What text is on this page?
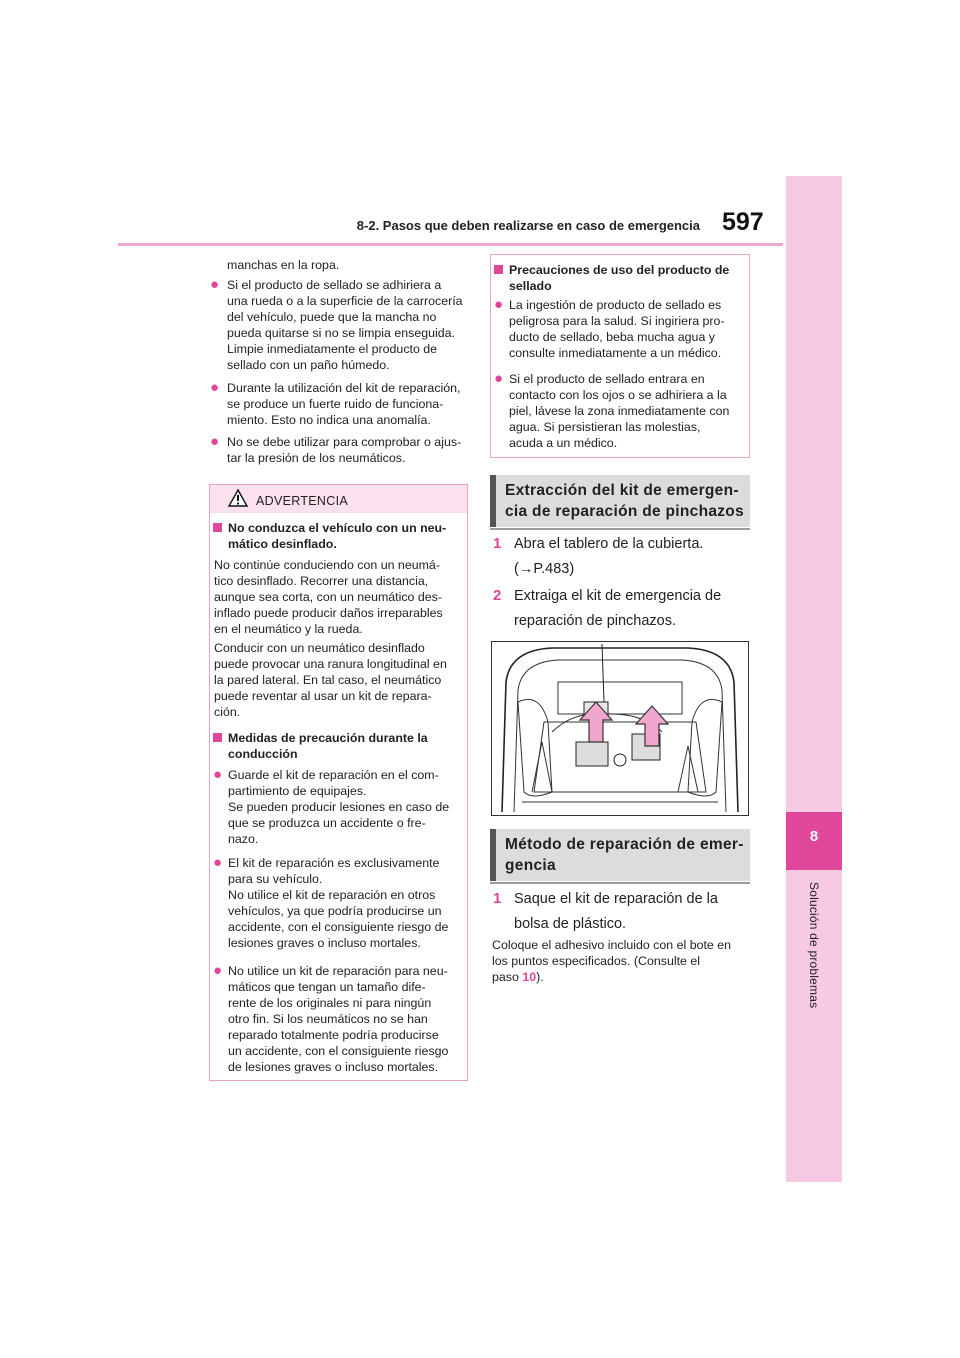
8-2. Pasos que deben realizarse en caso de emergencia 597
8
Solución de problemas
manchas en la ropa.
● Si el producto de sellado se adhiriera a
una rueda o a la superficie de la carrocería
del vehículo, puede que la mancha no
pueda quitarse si no se limpia enseguida.
Limpie inmediatamente el producto de
sellado con un paño húmedo.
● Durante la utilización del kit de reparación,
se produce un fuerte ruido de funciona-
miento. Esto no indica una anomalía.
● No se debe utilizar para comprobar o ajus-
tar la presión de los neumáticos.
ADVERTENCIA
No conduzca el vehículo con un neu-
mático desinflado.
No continúe conduciendo con un neumá-
tico desinflado. Recorrer una distancia,
aunque sea corta, con un neumático des-
inflado puede producir daños irreparables
en el neumático y la rueda.
Conducir con un neumático desinflado
puede provocar una ranura longitudinal en
la pared lateral. En tal caso, el neumático
puede reventar al usar un kit de repara-
ción.
Medidas de precaución durante la
conducción
● Guarde el kit de reparación en el com-
partimiento de equipajes.
Se pueden producir lesiones en caso de
que se produzca un accidente o fre-
nazo.
● El kit de reparación es exclusivamente
para su vehículo.
No utilice el kit de reparación en otros
vehículos, ya que podría producirse un
accidente, con el consiguiente riesgo de
lesiones graves o incluso mortales.
● No utilice un kit de reparación para neu-
máticos que tengan un tamaño dife-
rente de los originales ni para ningún
otro fin. Si los neumáticos no se han
reparado totalmente podría producirse
un accidente, con el consiguiente riesgo
de lesiones graves o incluso mortales.
Precauciones de uso del producto de
sellado
● La ingestión de producto de sellado es
peligrosa para la salud. Si ingiriera pro-
ducto de sellado, beba mucha agua y
consulte inmediatamente a un médico.
● Si el producto de sellado entrara en
contacto con los ojos o se adhiriera a la
piel, lávese la zona inmediatamente con
agua. Si persistieran las molestias,
acuda a un médico.
Extracción del kit de emergen-
cia de reparación de pinchazos
1 Abra el tablero de la cubierta.
(→P.483)
2 Extraiga el kit de emergencia de
reparación de pinchazos.
Método de reparación de emer-
gencia
1 Saque el kit de reparación de la
bolsa de plástico.
Coloque el adhesivo incluido con el bote en
los puntos especificados. (Consulte el
paso 10).
